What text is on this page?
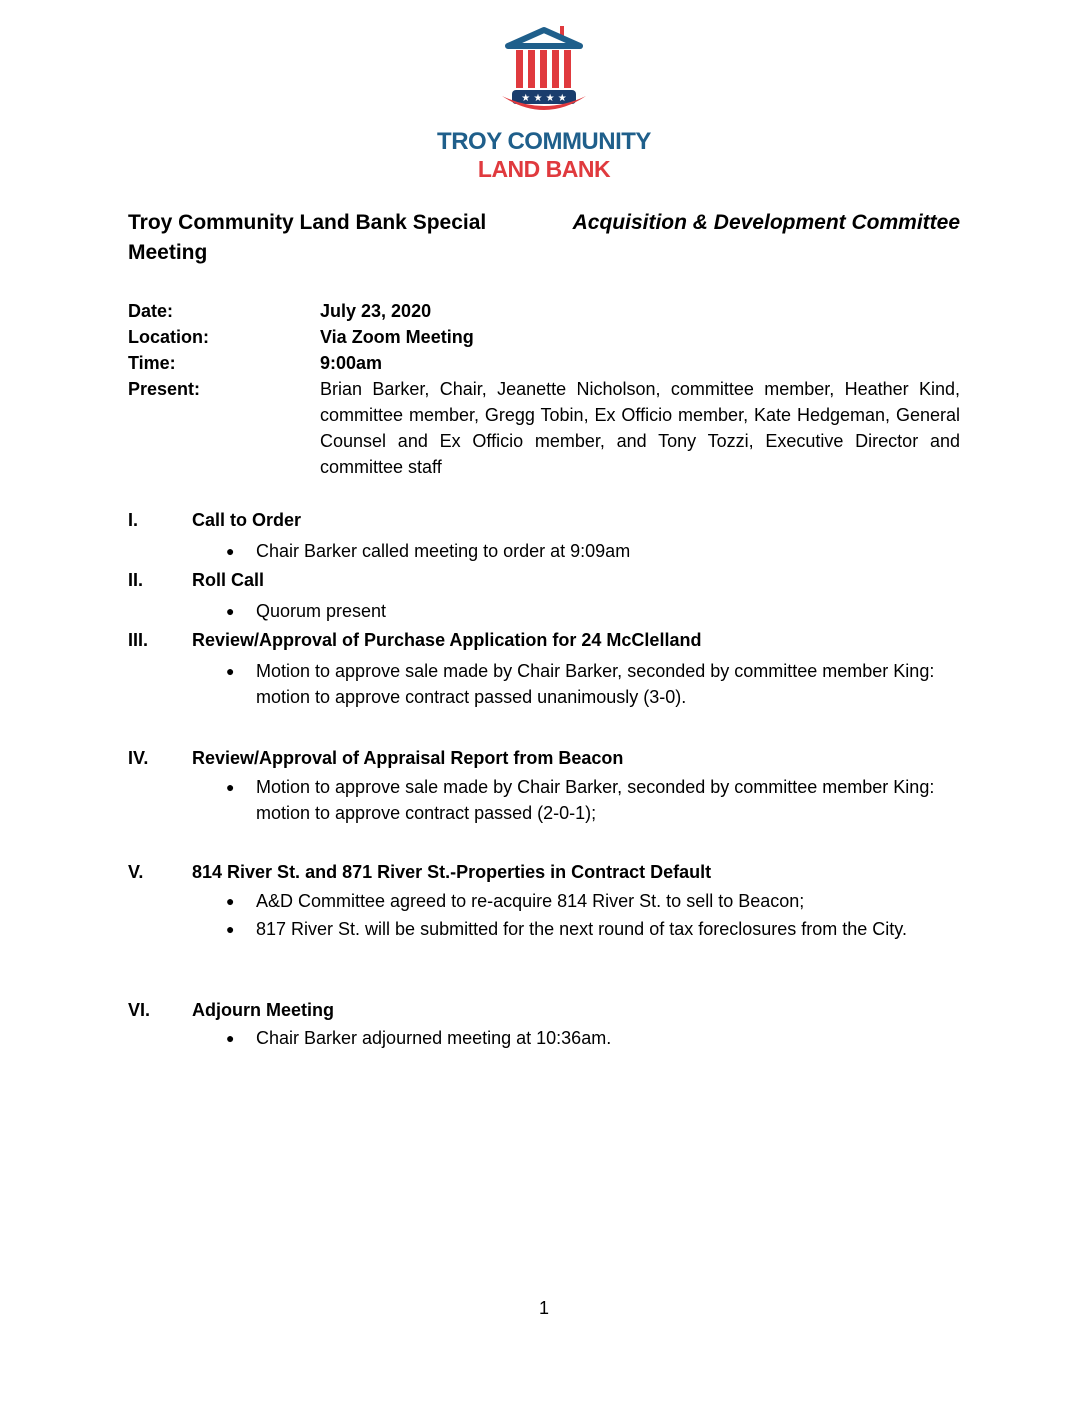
★ ★ ★ ★
TROY COMMUNITY
LAND BANK
Troy Community Land Bank Special	Acquisition & Development Committee
Meeting
Date:	July 23, 2020
Location:	Via Zoom Meeting
Time:	9:00am
Present:	Brian Barker, Chair, Jeanette Nicholson, committee member, Heather Kind, committee member, Gregg Tobin, Ex Officio member, Kate Hedgeman, General Counsel and Ex Officio member, and Tony Tozzi, Executive Director and committee staff
I.	Call to Order
● Chair Barker called meeting to order at 9:09am
II.	Roll Call
● Quorum present
III. Review/Approval of Purchase Application for 24 McClelland
● Motion to approve sale made by Chair Barker, seconded by committee member King: motion to approve contract passed unanimously (3-0).
IV. Review/Approval of Appraisal Report from Beacon
● Motion to approve sale made by Chair Barker, seconded by committee member King: motion to approve contract passed (2-0-1);
V.	814 River St. and 871 River St.-Properties in Contract Default
● A&D Committee agreed to re-acquire 814 River St. to sell to Beacon;
● 817 River St. will be submitted for the next round of tax foreclosures from the City.
VI. Adjourn Meeting
● Chair Barker adjourned meeting at 10:36am.
1
